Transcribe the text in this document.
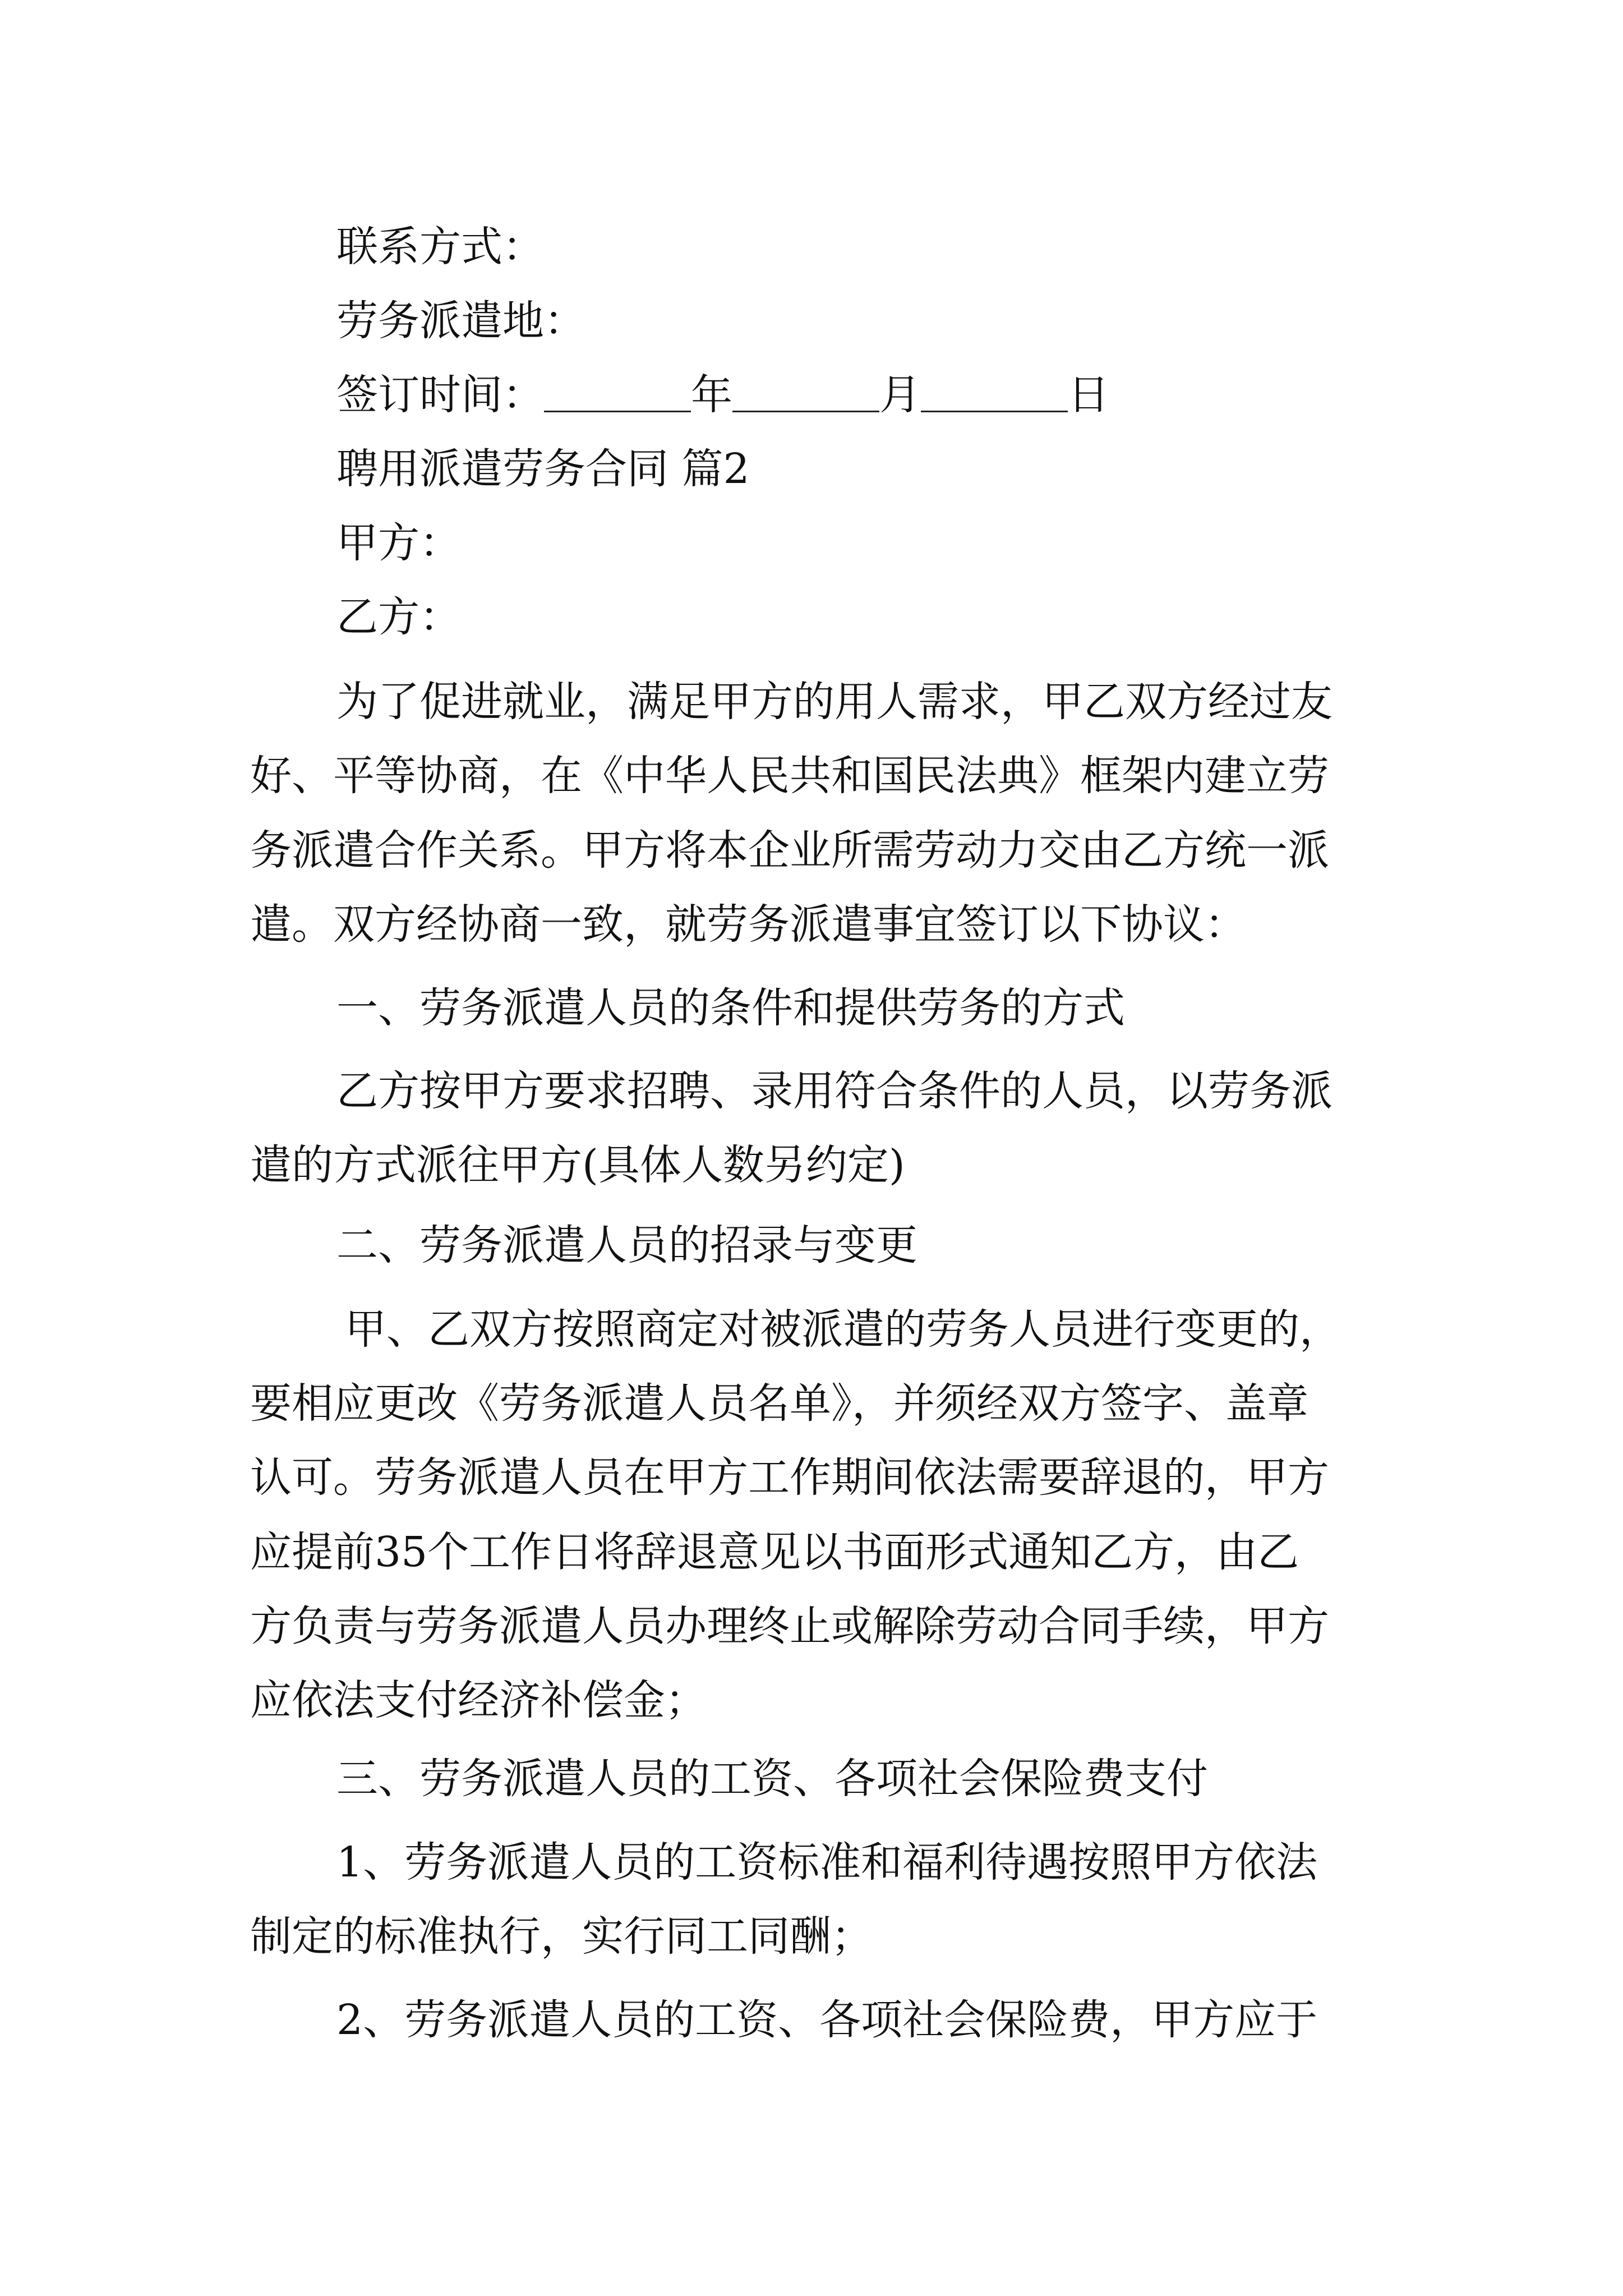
联系方式：
劳务派遣地：
签订时间：	年	月	日
聘用派遣劳务合同 篇2
甲方：
乙方：
为了促进就业，满足甲方的用人需求，甲乙双方经过友
好、平等协商，在《中华人民共和国民法典》框架内建立劳
务派遣合作关系。甲方将本企业所需劳动力交由乙方统一派
遣。双方经协商一致，就劳务派遣事宜签订以下协议：
一、劳务派遣人员的条件和提供劳务的方式
乙方按甲方要求招聘、录用符合条件的人员，以劳务派
遣的方式派往甲方(具体人数另约定)
二、劳务派遣人员的招录与变更
甲、乙双方按照商定对被派遣的劳务人员进行变更的，
要相应更改《劳务派遣人员名单》，并须经双方签字、盖章
认可。劳务派遣人员在甲方工作期间依法需要辞退的，甲方
应提前35个工作日将辞退意见以书面形式通知乙方，由乙
方负责与劳务派遣人员办理终止或解除劳动合同手续，甲方
应依法支付经济补偿金；
三、劳务派遣人员的工资、各项社会保险费支付
1、劳务派遣人员的工资标准和福利待遇按照甲方依法
制定的标准执行，实行同工同酬；
2、劳务派遣人员的工资、各项社会保险费，甲方应于
